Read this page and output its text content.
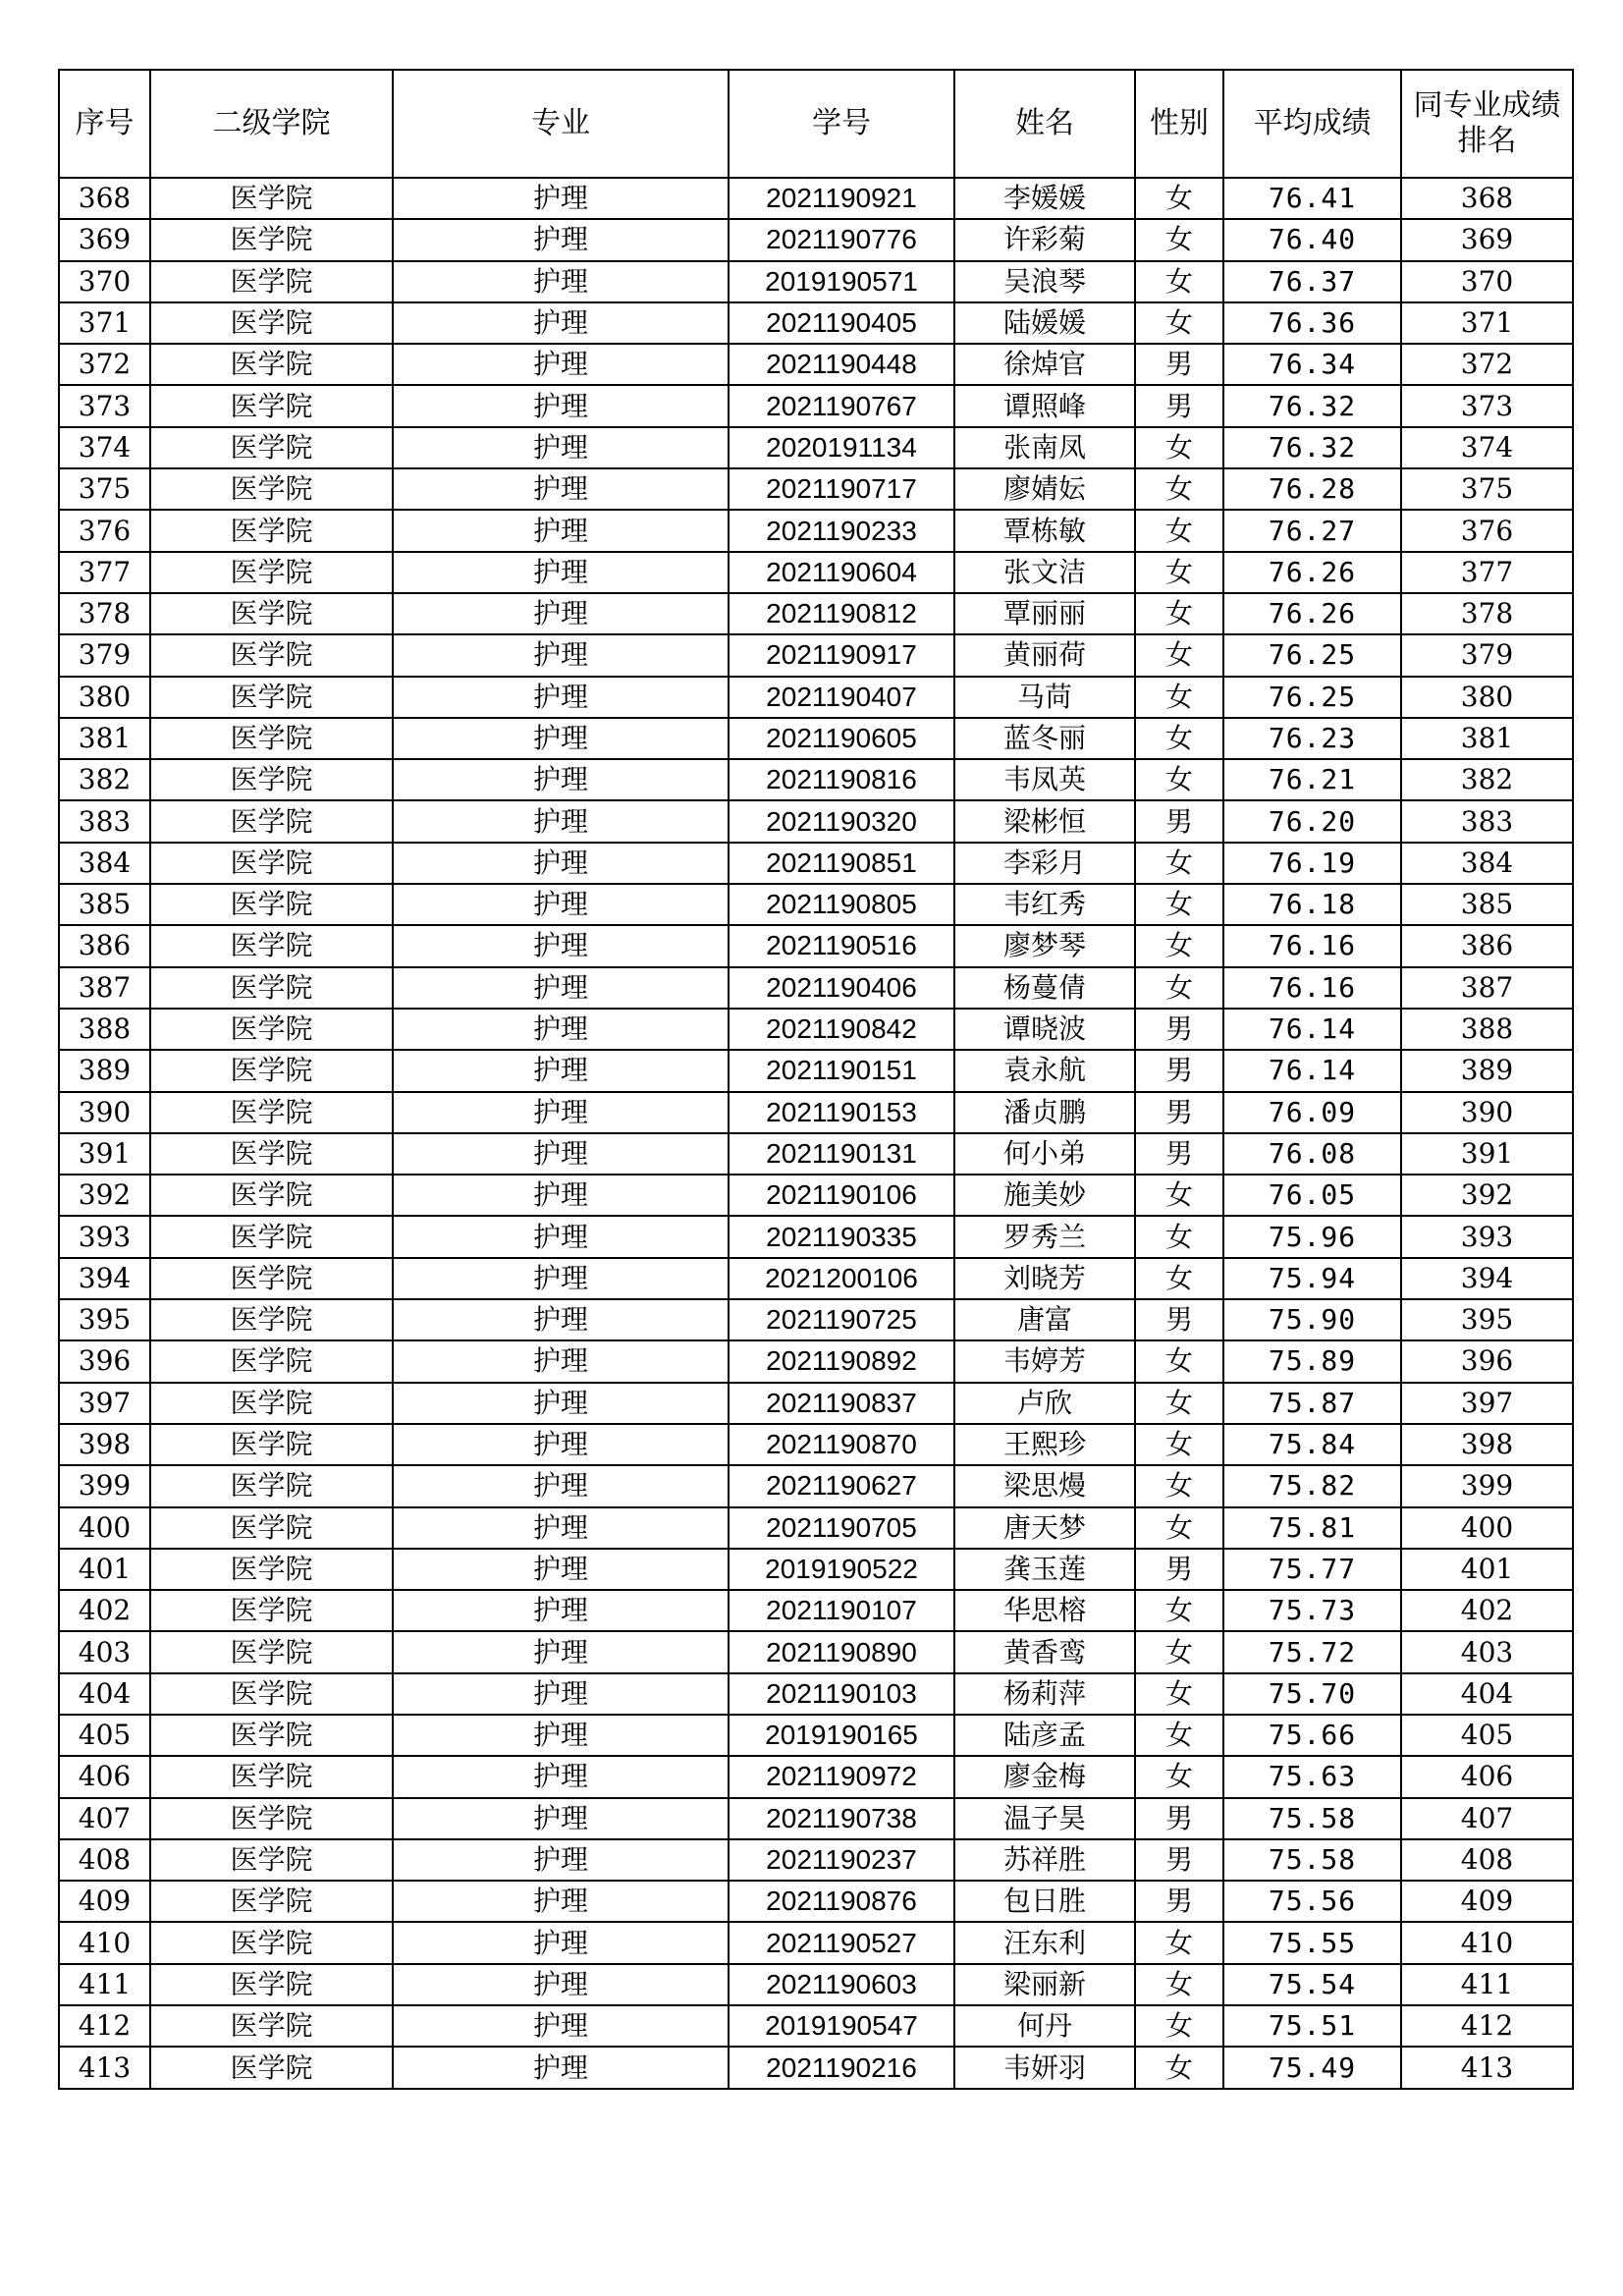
序号	二级学院	专业	学号	姓名	性别	平均成绩	同专业成绩排名
368	医学院	护理	2021190921	李媛媛	女	76.41	368
369	医学院	护理	2021190776	许彩菊	女	76.40	369
370	医学院	护理	2019190571	吴浪琴	女	76.37	370
371	医学院	护理	2021190405	陆媛媛	女	76.36	371
372	医学院	护理	2021190448	徐焯官	男	76.34	372
373	医学院	护理	2021190767	谭照峰	男	76.32	373
374	医学院	护理	2020191134	张南凤	女	76.32	374
375	医学院	护理	2021190717	廖婧妘	女	76.28	375
376	医学院	护理	2021190233	覃栋敏	女	76.27	376
377	医学院	护理	2021190604	张文洁	女	76.26	377
378	医学院	护理	2021190812	覃丽丽	女	76.26	378
379	医学院	护理	2021190917	黄丽荷	女	76.25	379
380	医学院	护理	2021190407	马苘	女	76.25	380
381	医学院	护理	2021190605	蓝冬丽	女	76.23	381
382	医学院	护理	2021190816	韦凤英	女	76.21	382
383	医学院	护理	2021190320	梁彬恒	男	76.20	383
384	医学院	护理	2021190851	李彩月	女	76.19	384
385	医学院	护理	2021190805	韦红秀	女	76.18	385
386	医学院	护理	2021190516	廖梦琴	女	76.16	386
387	医学院	护理	2021190406	杨蔓倩	女	76.16	387
388	医学院	护理	2021190842	谭晓波	男	76.14	388
389	医学院	护理	2021190151	袁永航	男	76.14	389
390	医学院	护理	2021190153	潘贞鹏	男	76.09	390
391	医学院	护理	2021190131	何小弟	男	76.08	391
392	医学院	护理	2021190106	施美妙	女	76.05	392
393	医学院	护理	2021190335	罗秀兰	女	75.96	393
394	医学院	护理	2021200106	刘晓芳	女	75.94	394
395	医学院	护理	2021190725	唐富	男	75.90	395
396	医学院	护理	2021190892	韦婷芳	女	75.89	396
397	医学院	护理	2021190837	卢欣	女	75.87	397
398	医学院	护理	2021190870	王熙珍	女	75.84	398
399	医学院	护理	2021190627	梁思熳	女	75.82	399
400	医学院	护理	2021190705	唐天梦	女	75.81	400
401	医学院	护理	2019190522	龚玉莲	男	75.77	401
402	医学院	护理	2021190107	华思榕	女	75.73	402
403	医学院	护理	2021190890	黄香鸾	女	75.72	403
404	医学院	护理	2021190103	杨莉萍	女	75.70	404
405	医学院	护理	2019190165	陆彦孟	女	75.66	405
406	医学院	护理	2021190972	廖金梅	女	75.63	406
407	医学院	护理	2021190738	温子昊	男	75.58	407
408	医学院	护理	2021190237	苏祥胜	男	75.58	408
409	医学院	护理	2021190876	包日胜	男	75.56	409
410	医学院	护理	2021190527	汪东利	女	75.55	410
411	医学院	护理	2021190603	梁丽新	女	75.54	411
412	医学院	护理	2019190547	何丹	女	75.51	412
413	医学院	护理	2021190216	韦妍羽	女	75.49	413
